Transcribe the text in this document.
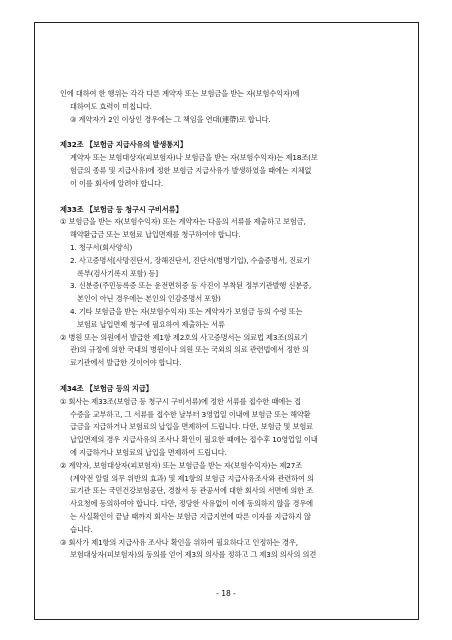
인에 대하여 한 행위는 각각 다른 계약자 또는 보험금을 받는 자(보험수익자)에
대하여도 효력이 미칩니다.
③ 계약자가 2인 이상인 경우에는 그 책임을 연대(連帶)로 합니다.
제32조 【보험금 지급사유의 발생통지】
계약자 또는 보험대상자(피보험자)나 보험금을 받는 자(보험수익자)는 제18조(보
험금의 종류 및 지급사유)에 정한 보험금 지급사유가 발생하였을 때에는 지체없
이 이를 회사에 알려야 합니다.
제33조 【보험금 등 청구시 구비서류】
① 보험금을 받는 자(보험수익자) 또는 계약자는 다음의 서류를 제출하고 보험금,
해약환급금 또는 보험료 납입면제를 청구하여야 합니다.
1. 청구서(회사양식)
2. 사고증명서[사망진단서, 장해진단서, 진단서(병명기입), 수술증명서, 진료기
록부(검사기록지 포함) 등]
3. 신분증(주민등록증 또는 운전면허증 등 사진이 부착된 정부기관발행 신분증,
본인이 아닌 경우에는 본인의 인감증명서 포함)
4. 기타 보험금을 받는 자(보험수익자) 또는 계약자가 보험금 등의 수령 또는
보험료 납입면제 청구에 필요하여 제출하는 서류
② 병원 또는 의원에서 발급한 제1항 제2호의 사고증명서는 의료법 제3조(의료기
관)의 규정에 의한 국내의 병원이나 의원 또는 국외의 의료 관련법에서 정한 의
료기관에서 발급한 것이어야 합니다.
제34조 【보험금 등의 지급】
① 회사는 제33조(보험금 등 청구시 구비서류)에 정한 서류를 접수한 때에는 접
수증을 교부하고, 그 서류를 접수한 날부터 3영업일 이내에 보험금 또는 해약환
급금을 지급하거나 보험료의 납입을 면제하여 드립니다. 다만, 보험금 및 보험료
납입면제의 경우 지급사유의 조사나 확인이 필요한 때에는 접수후 10영업일 이내
에 지급하거나 보험료의 납입을 면제하여 드립니다.
② 계약자, 보험대상자(피보험자) 또는 보험금을 받는 자(보험수익자)는 제27조
(계약전 알릴 의무 위반의 효과) 및 제1항의 보험금 지급사유조사와 관련하여 의
료기관 또는 국민건강보험공단, 경찰서 등 관공서에 대한 회사의 서면에 의한 조
사요청에 동의하여야 합니다. 다만, 정당한 사유없이 이에 동의하지 않을 경우에
는 사실확인이 끝날 때까지 회사는 보험금 지급지연에 따른 이자를 지급하지 않
습니다.
③ 회사가 제1항의 지급사유 조사나 확인을 위하여 필요하다고 인정하는 경우,
보험대상자(피보험자)의 동의를 얻어 제3의 의사를 정하고 그 제3의 의사의 의견
- 18 -
